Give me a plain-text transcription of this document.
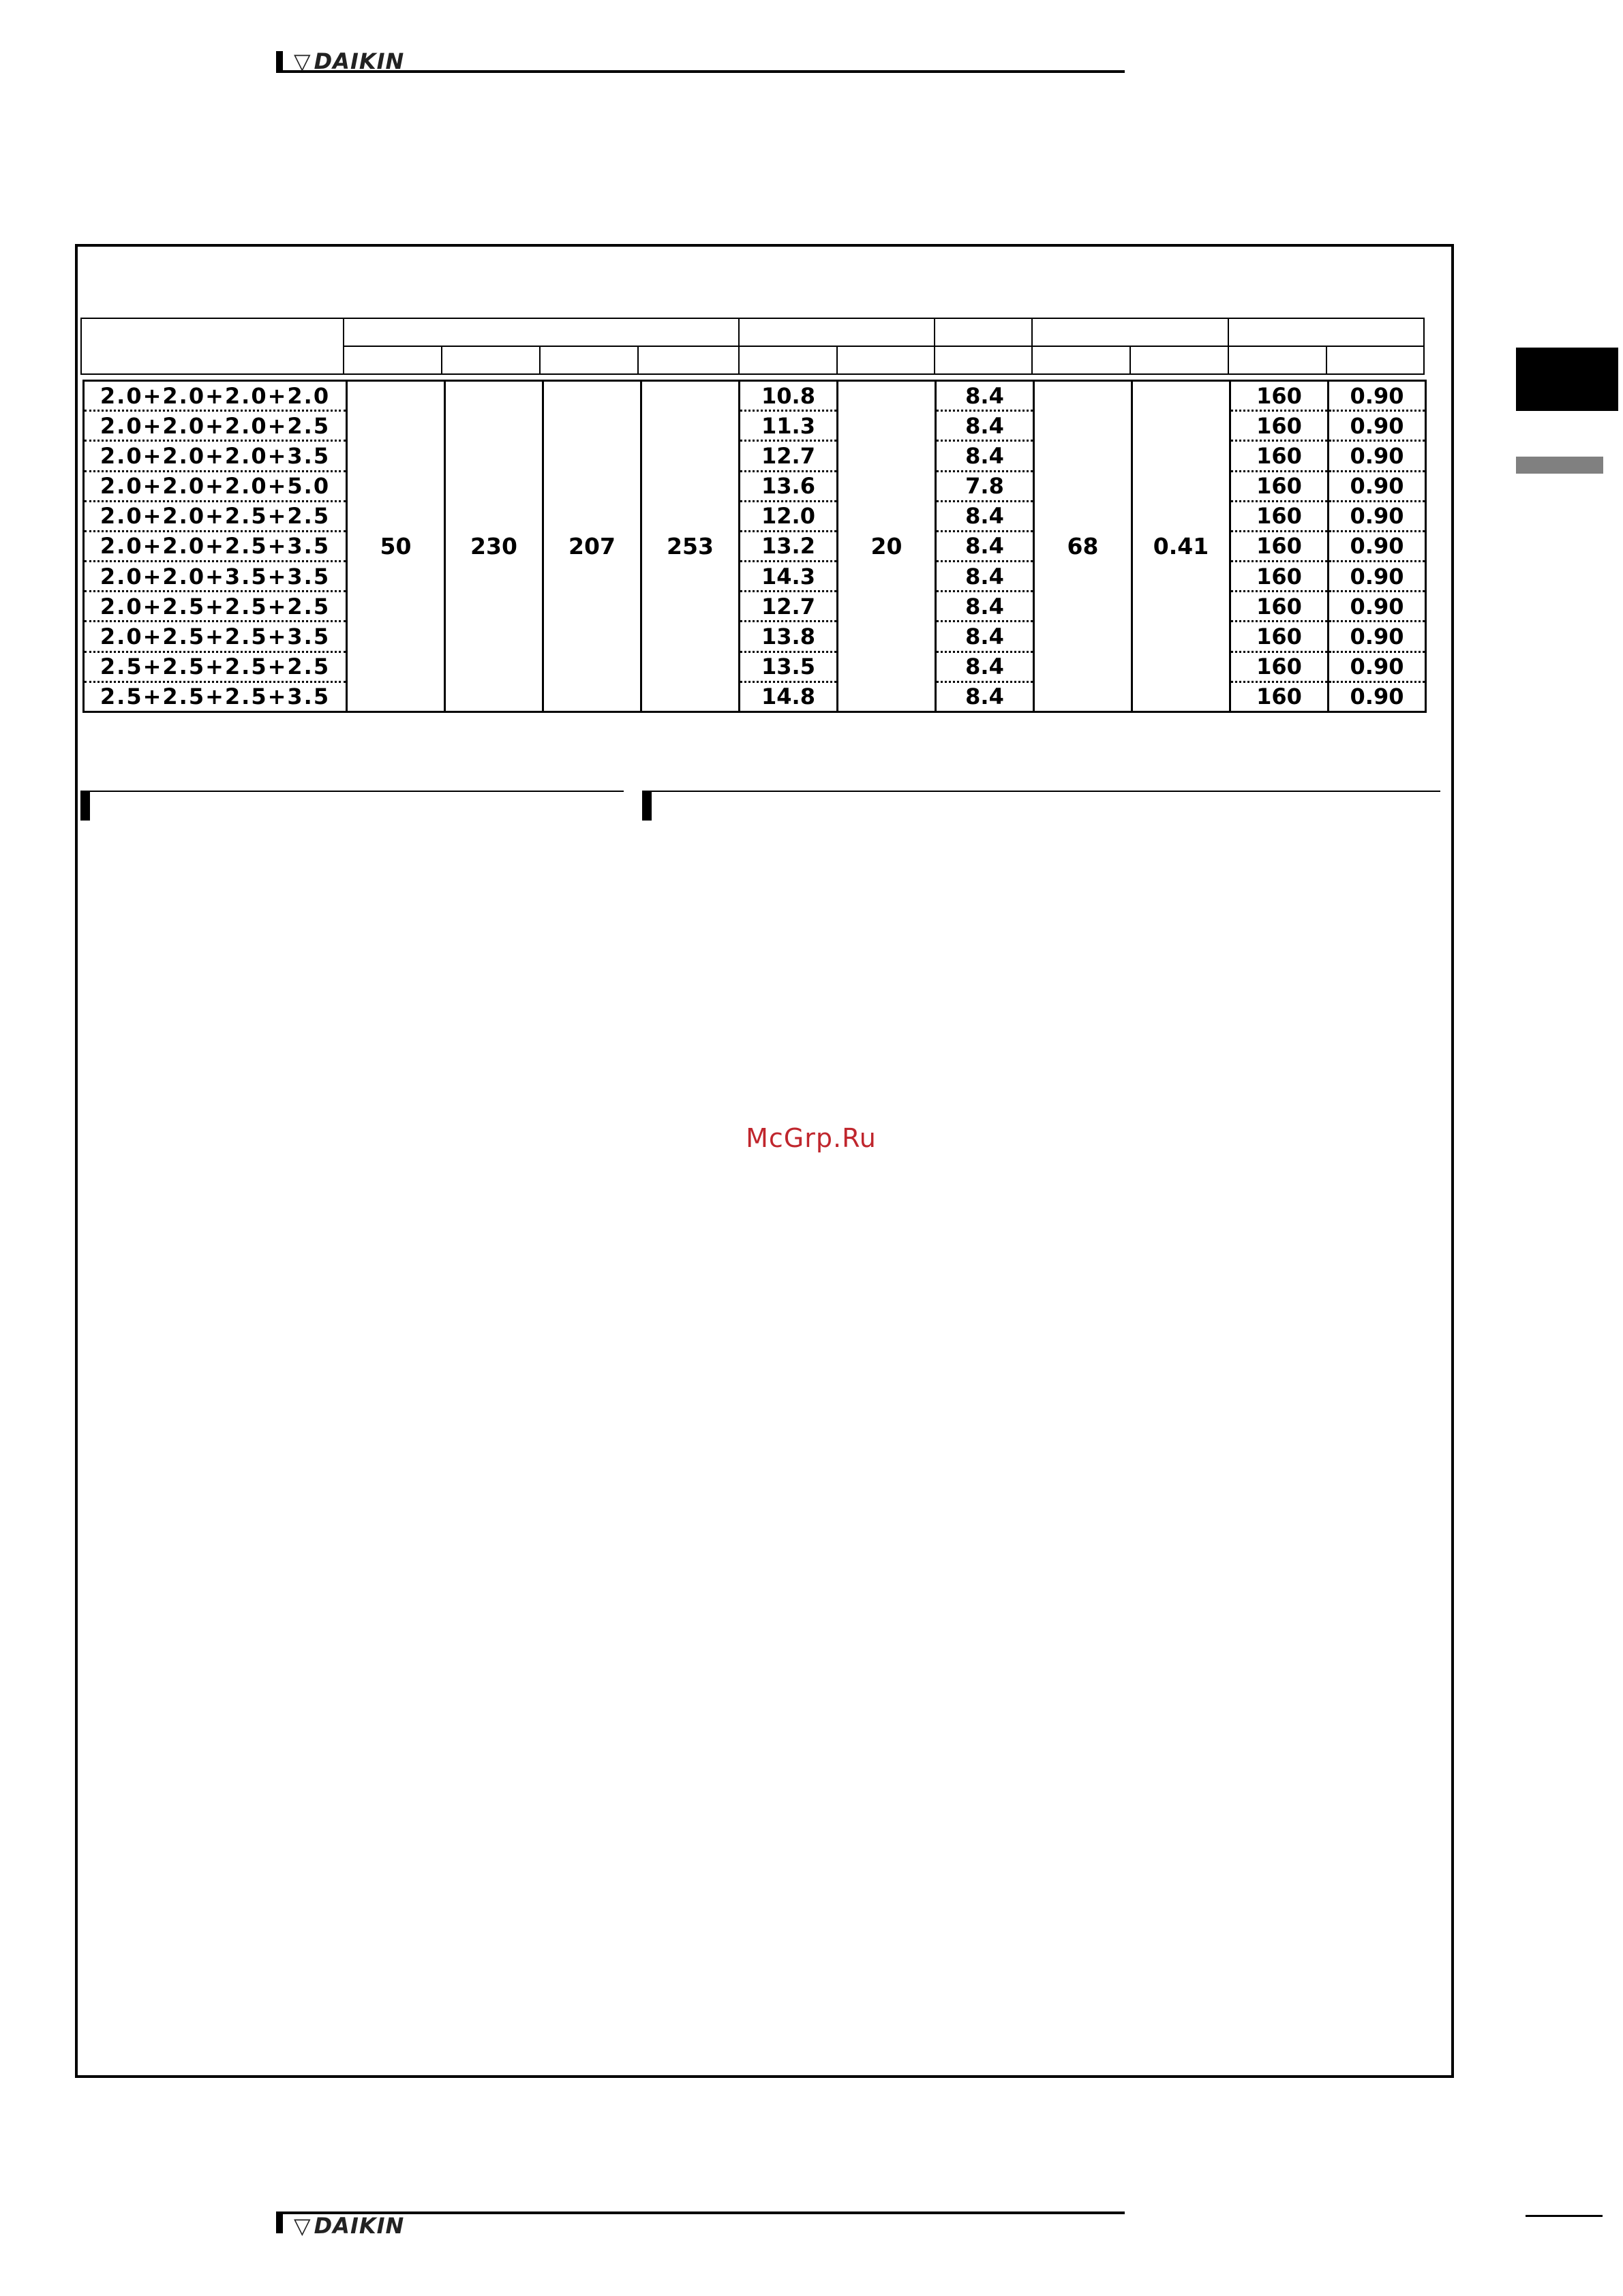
▽ DAIKIN
2.0+2.0+2.0+2.0	50	230	207	253	10.8	20	8.4	68	0.41	160	0.90
2.0+2.0+2.0+2.5					11.3		8.4			160	0.90
2.0+2.0+2.0+3.5					12.7		8.4			160	0.90
2.0+2.0+2.0+5.0					13.6		7.8			160	0.90
2.0+2.0+2.5+2.5					12.0		8.4			160	0.90
2.0+2.0+2.5+3.5					13.2		8.4			160	0.90
2.0+2.0+3.5+3.5					14.3		8.4			160	0.90
2.0+2.5+2.5+2.5					12.7		8.4			160	0.90
2.0+2.5+2.5+3.5					13.8		8.4			160	0.90
2.5+2.5+2.5+2.5					13.5		8.4			160	0.90
2.5+2.5+2.5+3.5					14.8		8.4			160	0.90
McGrp.Ru
▽ DAIKIN
